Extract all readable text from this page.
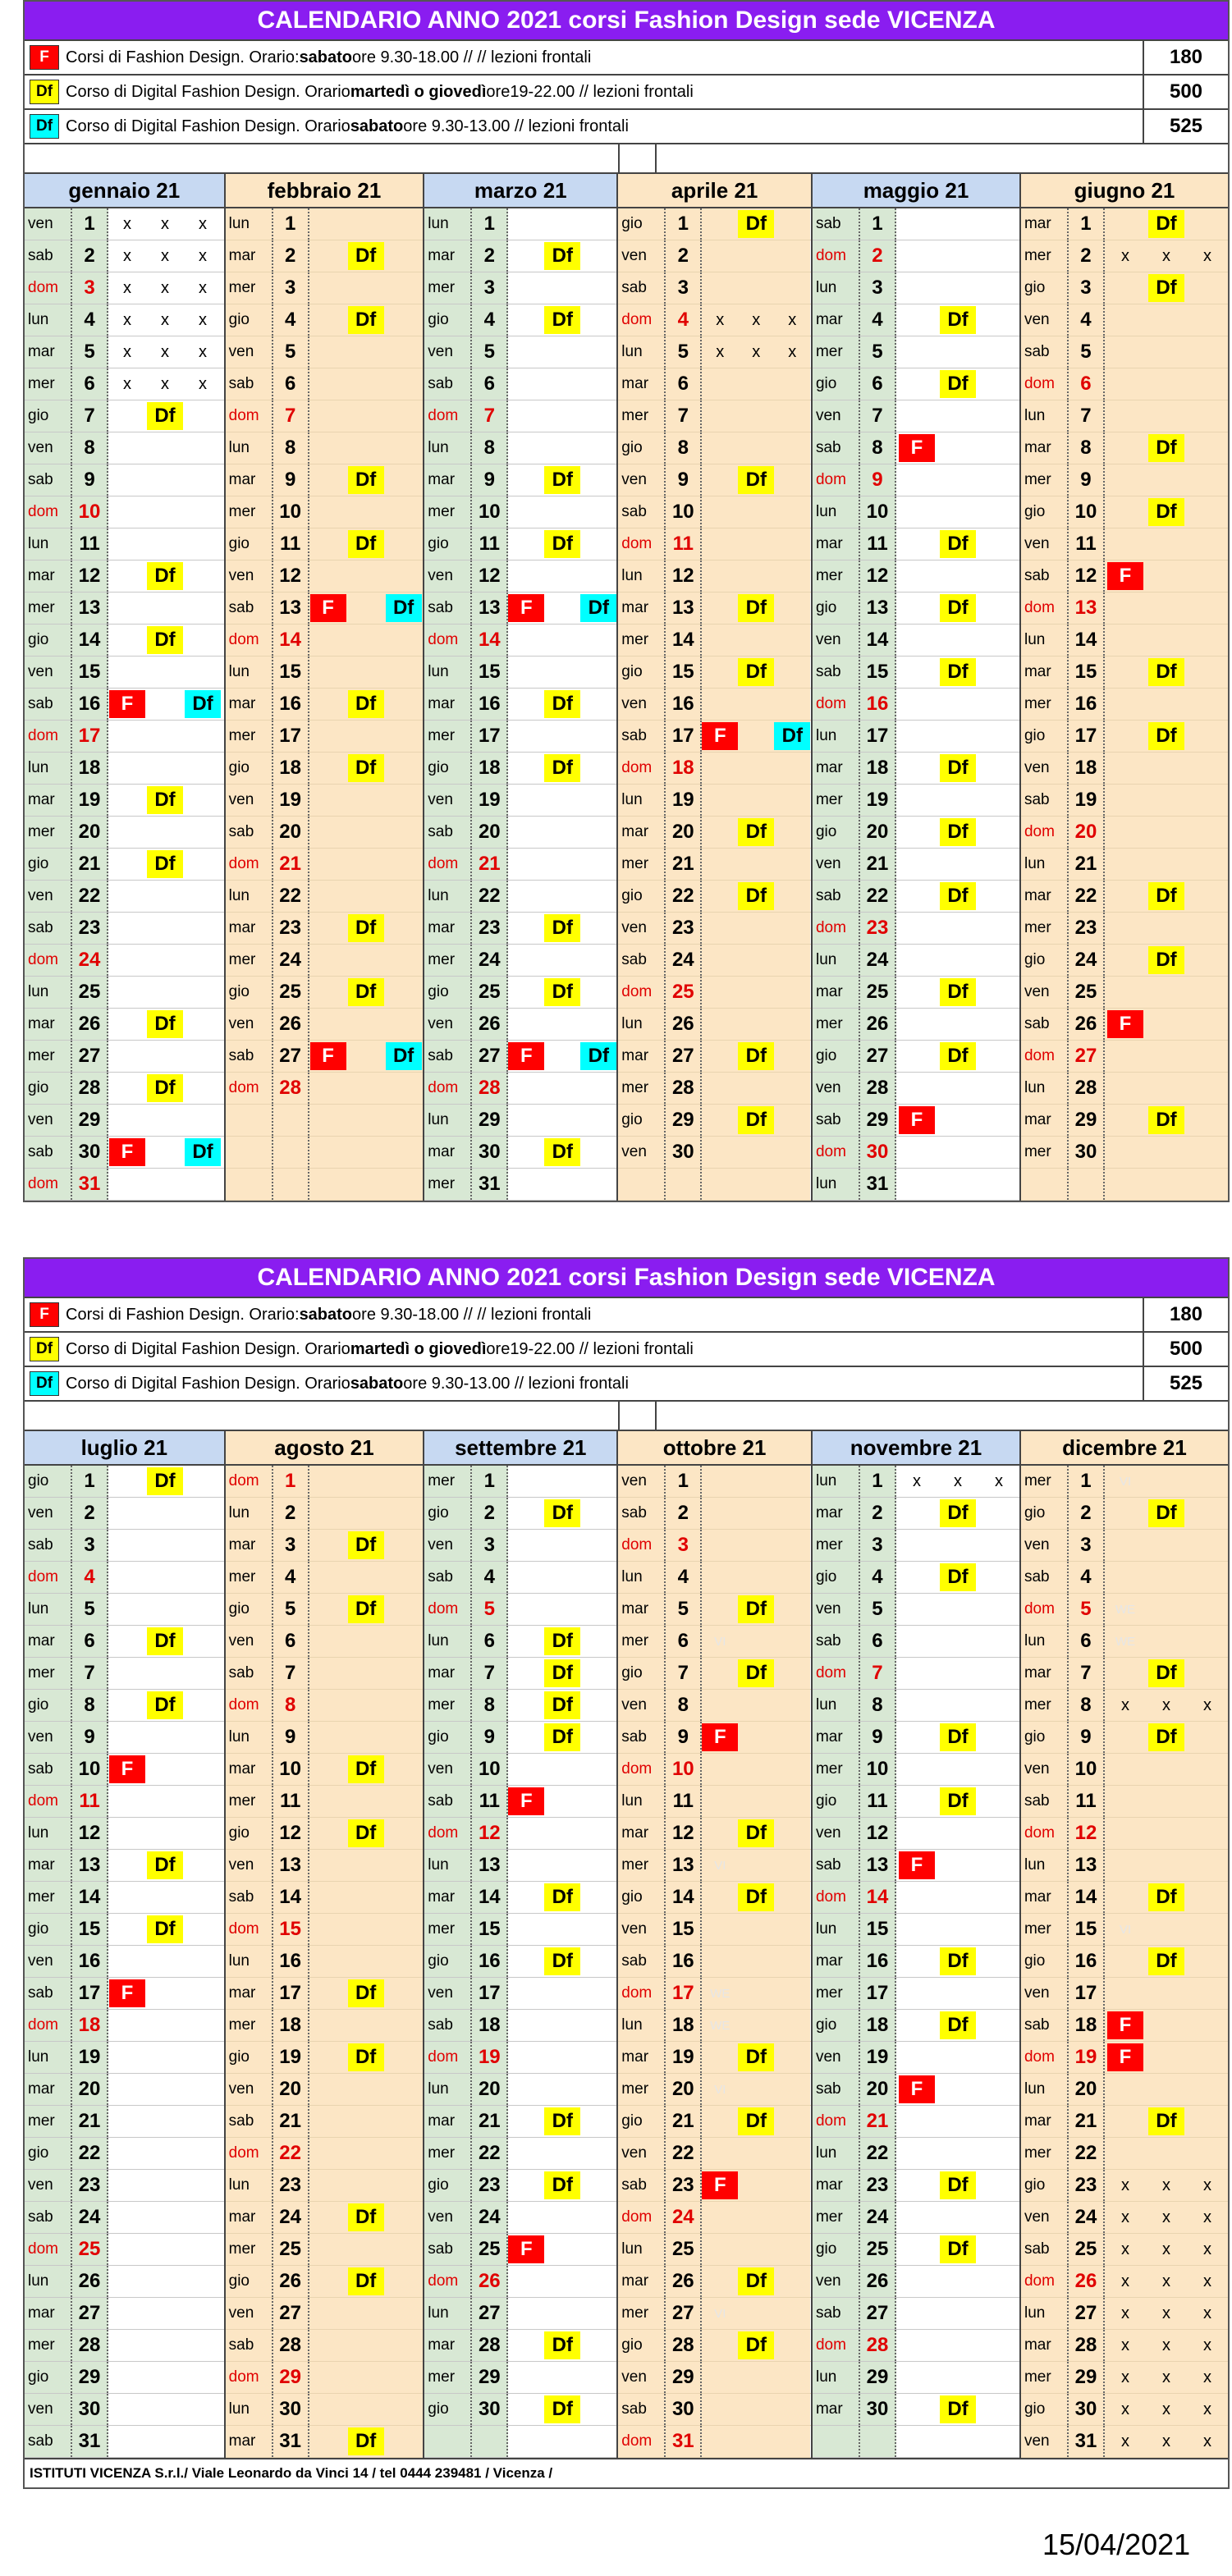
CALENDARIO ANNO 2021 corsi Fashion Design sede VICENZA
F	Corsi di Fashion Design. Orario: sabato ore 9.30-18.00 // // lezioni frontali	180
Df Corso di Digital Fashion Design. Orario martedì o giovedì ore19-22.00 // lezioni frontali	500
Df Corso di Digital Fashion Design. Orario sabato ore 9.30-13.00 // lezioni frontali	525
gennaio 21
ven	1	x x x
sab	2	x x x
dom	3	x x x
lun	4	x x x
mar	5	x x x
mer	6	x x x
gio	7	Df
ven	8
sab	9
dom	10
lun	11
mar	12	Df
mer	13
gio	14	Df
ven	15
sab	16	F	Df
dom	17
lun	18
mar	19	Df
mer	20
gio	21	Df
ven	22
sab	23
dom	24
lun	25
mar	26	Df
mer	27
gio	28	Df
ven	29
sab	30	F	Df
dom	31
febbraio 21
lun	1
mar	2	Df
mer	3
gio	4	Df
ven	5
sab	6
dom	7
lun	8
mar	9	Df
mer	10
gio	11	Df
ven	12
sab	13	F	Df
dom	14
lun	15
mar	16	Df
mer	17
gio	18	Df
ven	19
sab	20
dom	21
lun	22
mar	23	Df
mer	24
gio	25	Df
ven	26
sab	27	F	Df
dom	28
marzo 21
lun	1
mar	2	Df
mer	3
gio	4	Df
ven	5
sab	6
dom	7
lun	8
mar	9	Df
mer	10
gio	11	Df
ven	12
sab	13	F	Df
dom	14
lun	15
mar	16	Df
mer	17
gio	18	Df
ven	19
sab	20
dom	21
lun	22
mar	23	Df
mer	24
gio	25	Df
ven	26
sab	27	F	Df
dom	28
lun	29
mar	30	Df
mer	31
aprile 21
gio	1	Df
ven	2
sab	3
dom	4	x x x
lun	5	x x x
mar	6
mer	7
gio	8
ven	9	Df
sab	10
dom	11
lun	12
mar	13	Df
mer	14
gio	15	Df
ven	16
sab	17	F	Df
dom	18
lun	19
mar	20	Df
mer	21
gio	22	Df
ven	23
sab	24
dom	25
lun	26
mar	27	Df
mer	28
gio	29	Df
ven	30
maggio 21
sab	1
dom	2
lun	3
mar	4	Df
mer	5
gio	6	Df
ven	7
sab	8	F
dom	9
lun	10
mar	11	Df
mer	12
gio	13	Df
ven	14
sab	15	Df
dom	16
lun	17
mar	18	Df
mer	19
gio	20	Df
ven	21
sab	22	Df
dom	23
lun	24
mar	25	Df
mer	26
gio	27	Df
ven	28
sab	29	F
dom	30
lun	31
giugno 21
mar	1	Df
mer	2	x x x
gio	3	Df
ven	4
sab	5
dom	6
lun	7
mar	8	Df
mer	9
gio	10	Df
ven	11
sab	12	F
dom	13
lun	14
mar	15	Df
mer	16
gio	17	Df
ven	18
sab	19
dom	20
lun	21
mar	22	Df
mer	23
gio	24	Df
ven	25
sab	26	F
dom	27
lun	28
mar	29	Df
mer	30
CALENDARIO ANNO 2021 corsi Fashion Design sede VICENZA
F	Corsi di Fashion Design. Orario: sabato ore 9.30-18.00 // // lezioni frontali	180
Df Corso di Digital Fashion Design. Orario martedì o giovedì ore19-22.00 // lezioni frontali	500
Df Corso di Digital Fashion Design. Orario sabato ore 9.30-13.00 // lezioni frontali	525
luglio 21
gio	1	Df
ven	2
sab	3
dom	4
lun	5
mar	6	Df
mer	7
gio	8	Df
ven	9
sab	10	F
dom	11
lun	12
mar	13	Df
mer	14
gio	15	Df
ven	16
sab	17	F
dom	18
lun	19
mar	20
mer	21
gio	22
ven	23
sab	24
dom	25
lun	26
mar	27
mer	28
gio	29
ven	30
sab	31
agosto 21
dom	1
lun	2
mar	3	Df
mer	4
gio	5	Df
ven	6
sab	7
dom	8
lun	9
mar	10	Df
mer	11
gio	12	Df
ven	13
sab	14
dom	15
lun	16
mar	17	Df
mer	18
gio	19	Df
ven	20
sab	21
dom	22
lun	23
mar	24	Df
mer	25
gio	26	Df
ven	27
sab	28
dom	29
lun	30
mar	31	Df
settembre 21
mer	1
gio	2	Df
ven	3
sab	4
dom	5
lun	6	Df
mar	7	Df
mer	8	Df
gio	9	Df
ven	10
sab	11	F
dom	12
lun	13
mar	14	Df
mer	15
gio	16	Df
ven	17
sab	18
dom	19
lun	20
mar	21	Df
mer	22
gio	23	Df
ven	24
sab	25	F
dom	26
lun	27
mar	28	Df
mer	29
gio	30	Df
ottobre 21
ven	1
sab	2
dom	3
lun	4
mar	5	Df
mer	6	VI
gio	7	Df
ven	8
sab	9	F
dom	10
lun	11
mar	12	Df
mer	13	VI
gio	14	Df
ven	15
sab	16
dom	17	WE
lun	18	WE
mar	19	Df
mer	20	VI
gio	21	Df
ven	22
sab	23	F
dom	24
lun	25
mar	26	Df
mer	27	VI
gio	28	Df
ven	29
sab	30
dom	31
novembre 21
lun	1	x x x
mar	2	Df
mer	3
gio	4	Df
ven	5
sab	6
dom	7
lun	8
mar	9	Df
mer	10
gio	11	Df
ven	12
sab	13	F
dom	14
lun	15
mar	16	Df
mer	17
gio	18	Df
ven	19
sab	20	F
dom	21
lun	22
mar	23	Df
mer	24
gio	25	Df
ven	26
sab	27
dom	28
lun	29
mar	30	Df
dicembre 21
mer	1	VI
gio	2	Df
ven	3
sab	4
dom	5	WE
lun	6	WE
mar	7	Df
mer	8	x x x
gio	9	Df
ven	10
sab	11
dom	12
lun	13
mar	14	Df
mer	15	VI
gio	16	Df
ven	17
sab	18	F
dom	19	F
lun	20
mar	21	Df
mer	22
gio	23	x x x
ven	24	x x x
sab	25	x x x
dom	26	x x x
lun	27	x x x
mar	28	x x x
mer	29	x x x
gio	30	x x x
ven	31	x x x
ISTITUTI VICENZA S.r.l./ Viale Leonardo da Vinci 14 / tel 0444 239481 / Vicenza /
15/04/2021
